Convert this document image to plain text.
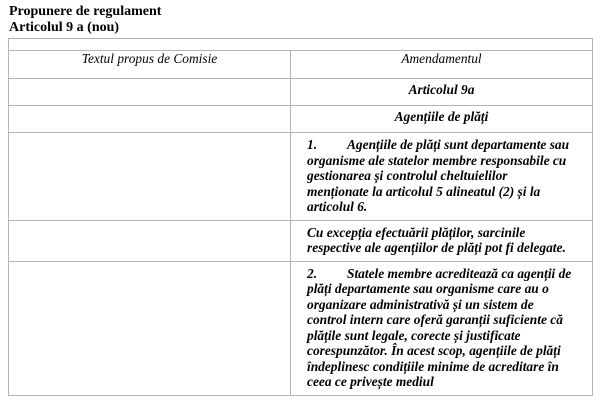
Propunere de regulament
Articolul 9 a (nou)

Textul propus de Comisie	Amendamentul
	Articolul 9a
	Agențiile de plăți

	1. Agențiile de plăți sunt departamente sau organisme ale statelor membre responsabile cu gestionarea și controlul cheltuielilor menționate la articolul 5 alineatul (2) și la articolul 6.

	Cu excepția efectuării plăților, sarcinile respective ale agențiilor de plăți pot fi delegate.

	2. Statele membre acreditează ca agenții de plăți departamente sau organisme care au o organizare administrativă și un sistem de control intern care oferă garanții suficiente că plățile sunt legale, corecte și justificate corespunzător. În acest scop, agențiile de plăți îndeplinesc condițiile minime de acreditare în ceea ce privește mediul
